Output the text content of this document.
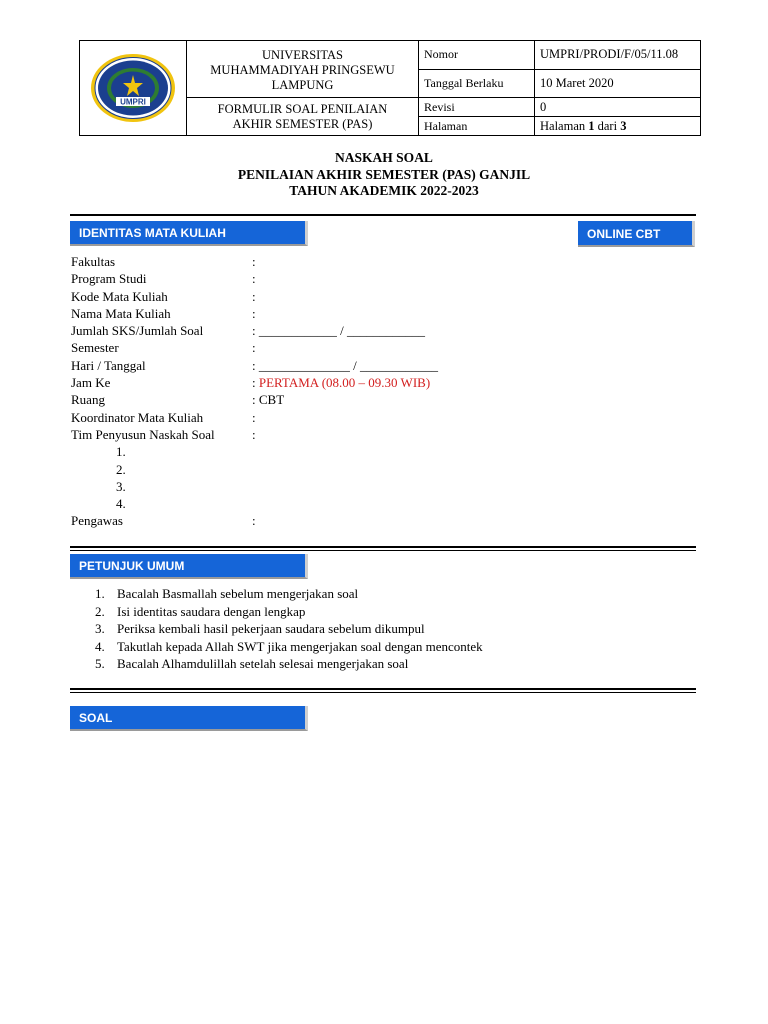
UMPRI	UNIVERSITAS
MUHAMMADIYAH PRINGSEWU
LAMPUNG	Nomor	UMPRI/PRODI/F/05/11.08
		Tanggal Berlaku	10 Maret 2020

	FORMULIR SOAL PENILAIAN
AKHIR SEMESTER (PAS)	Revisi	0
		Halaman	Halaman 1 dari 3
NASKAH SOAL
PENILAIAN AKHIR SEMESTER (PAS) GANJIL
TAHUN AKADEMIK 2022-2023
IDENTITAS MATA KULIAH	ONLINE CBT
Fakultas	:
Program Studi	:
Kode Mata Kuliah	:
Nama Mata Kuliah	:
Jumlah SKS/Jumlah Soal	: ____________ / ____________
Semester	:
Hari / Tanggal	: ______________ / ____________
Jam Ke	: PERTAMA (08.00 – 09.30 WIB)
Ruang	: CBT
Koordinator Mata Kuliah	:
Tim Penyusun Naskah Soal	:
1.
2.
3.
4.
Pengawas	:
PETUNJUK UMUM
1. Bacalah Basmallah sebelum mengerjakan soal
2. Isi identitas saudara dengan lengkap
3. Periksa kembali hasil pekerjaan saudara sebelum dikumpul
4. Takutlah kepada Allah SWT jika mengerjakan soal dengan mencontek
5. Bacalah Alhamdulillah setelah selesai mengerjakan soal
SOAL
